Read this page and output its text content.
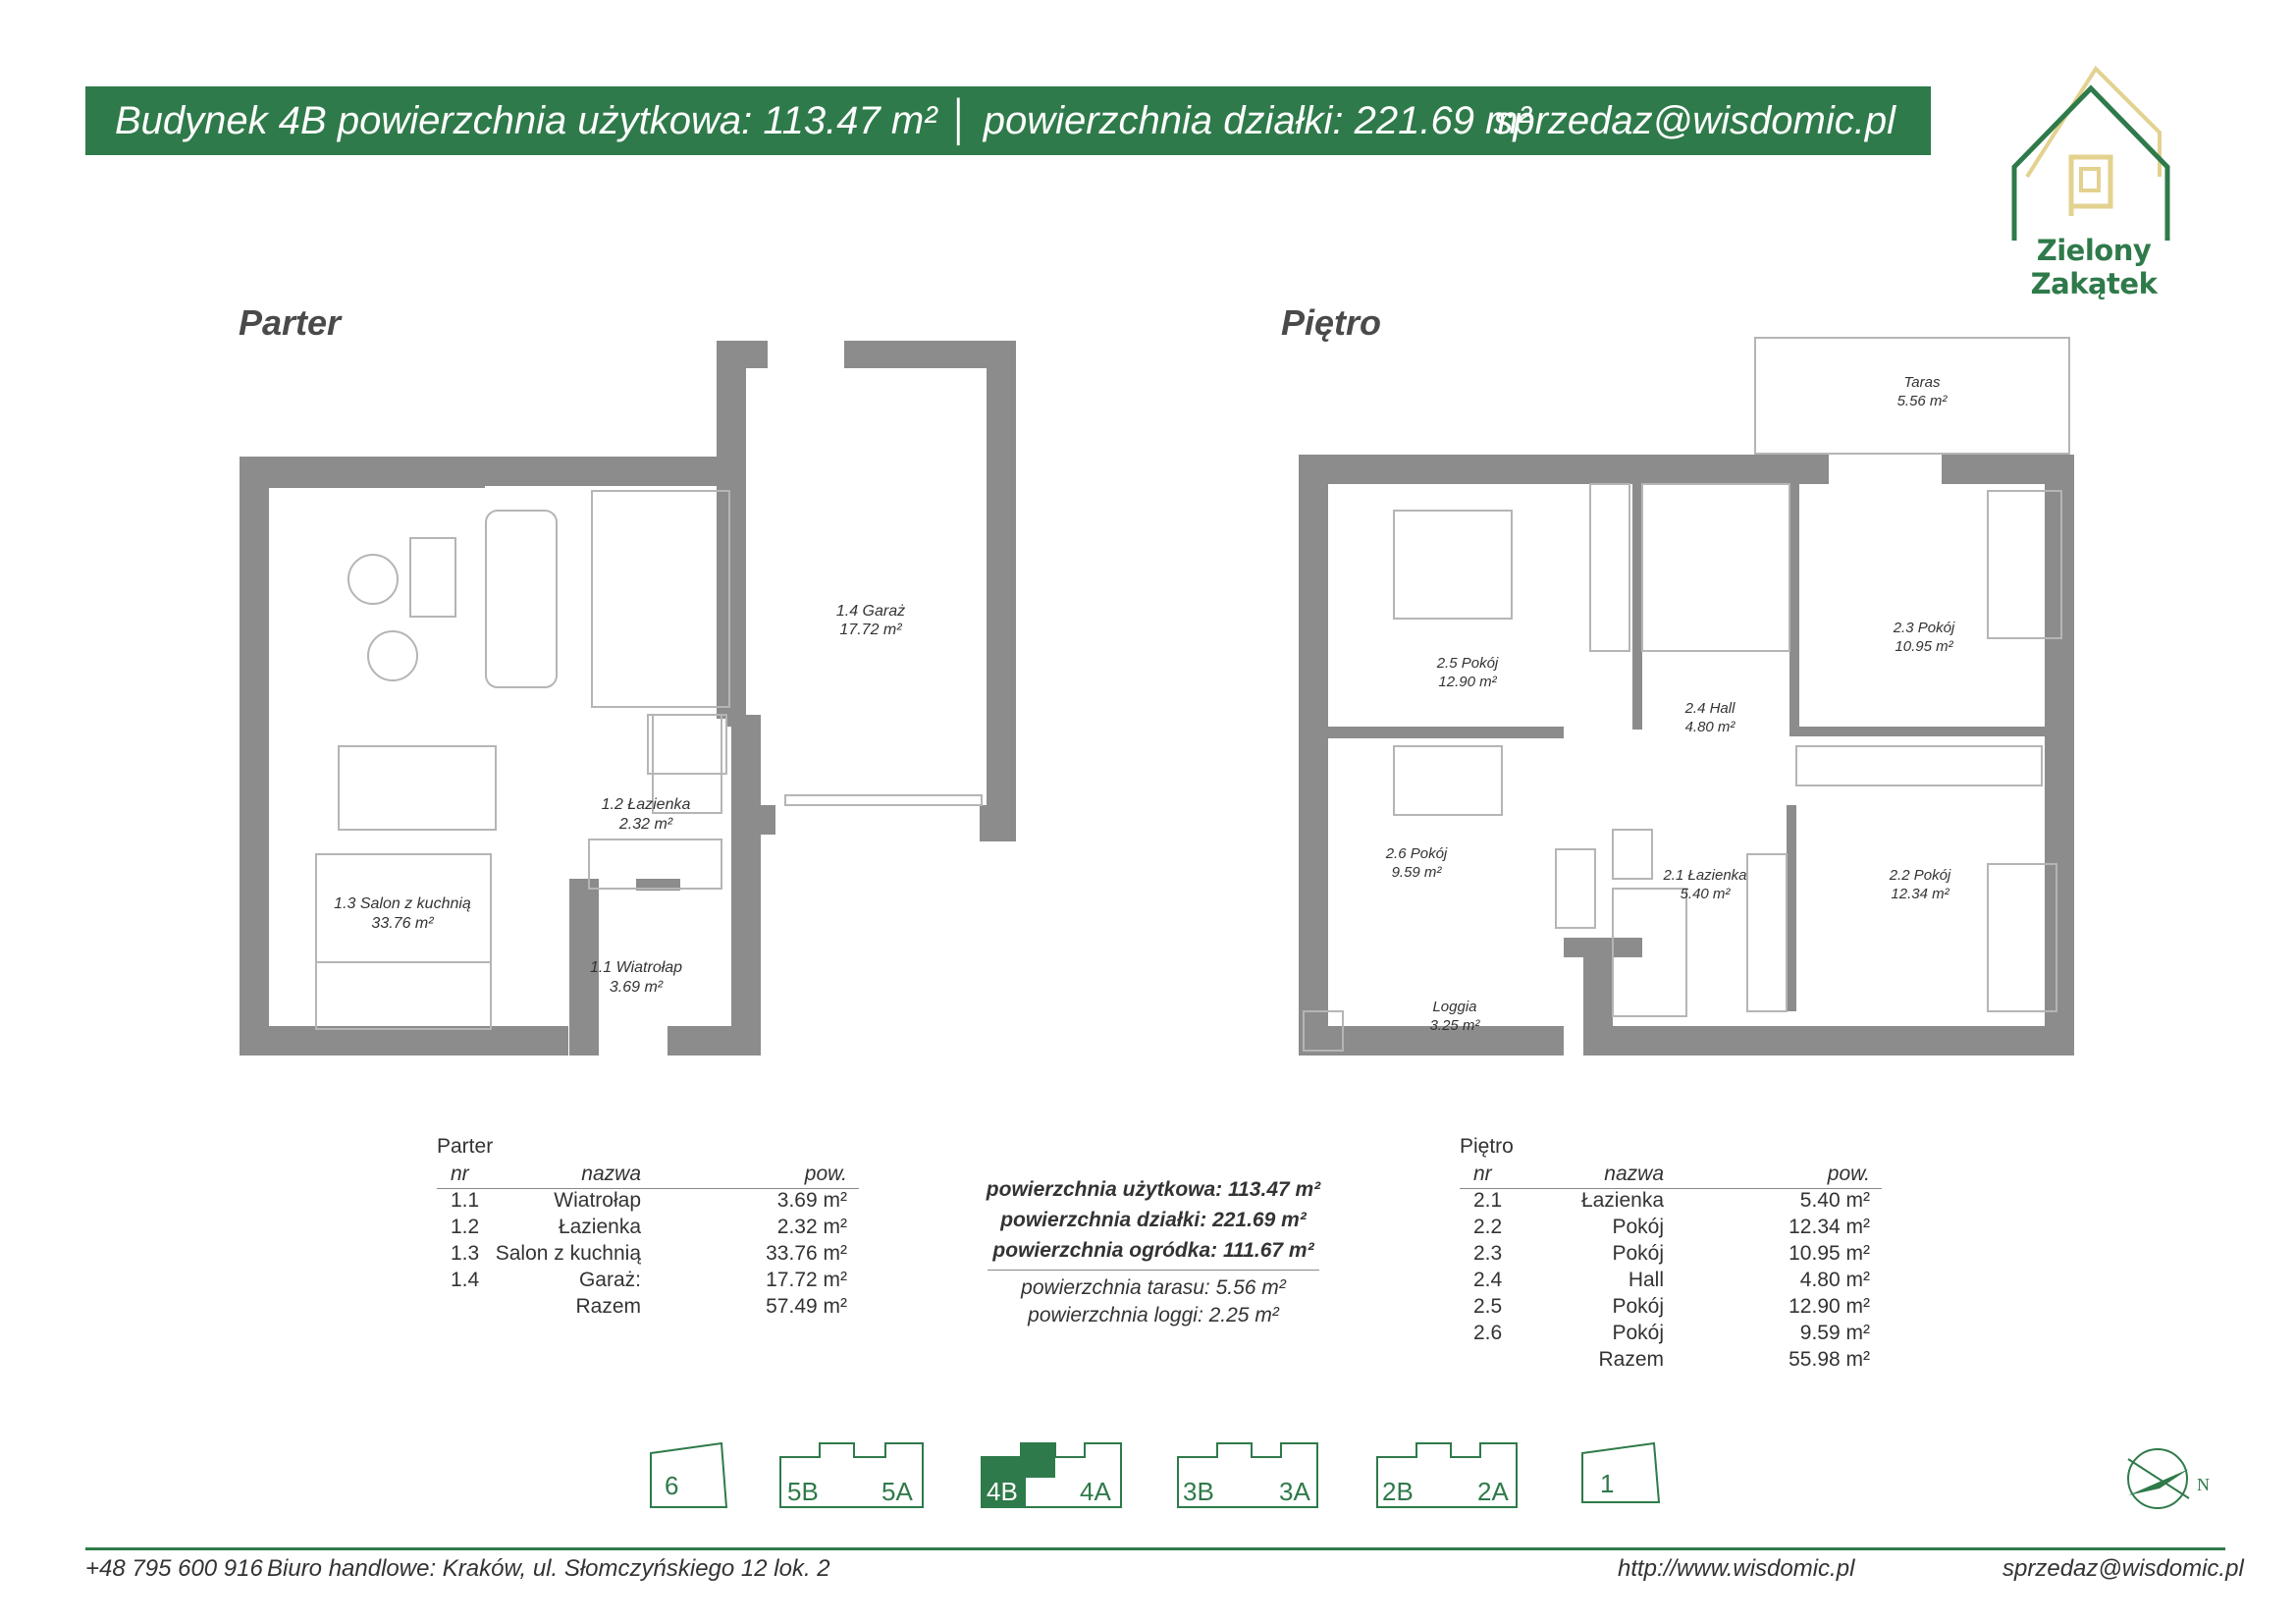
Budynek 4B powierzchnia użytkowa: 113.47 m² │ powierzchnia działki: 221.69 m²
sprzedaz@wisdomic.pl
Zielony Zakątek
Parter	Piętro
1.4 Garaż
17.72 m²
1.2 Łazienka
2.32 m²
1.3 Salon z kuchnią
33.76 m²
1.1 Wiatrołap
3.69 m²
Taras
5.56 m²
2.3 Pokój
10.95 m²
2.5 Pokój
12.90 m²
2.4 Hall
4.80 m²
2.6 Pokój
9.59 m²	2.1 Łazienka
5.40 m²
2.2 Pokój
12.34 m²
Loggia
3.25 m²
Parter
nr	nazwa	pow.
1.1	Wiatrołap	3.69 m²
1.2	Łazienka	2.32 m²
1.3 Salon z kuchnią	33.76 m²
1.4	Garaż:	17.72 m²
Razem	57.49 m²
powierzchnia użytkowa: 113.47 m²
powierzchnia działki: 221.69 m²
powierzchnia ogródka: 111.67 m²
powierzchnia tarasu: 5.56 m²
powierzchnia loggi: 2.25 m²
Piętro
nr	nazwa	pow.
2.1	Łazienka	5.40 m²
2.2	Pokój	12.34 m²
2.3	Pokój	10.95 m²
2.4	Hall	4.80 m²
2.5	Pokój	12.90 m²
2.6	Pokój	9.59 m²
Razem	55.98 m²
6	5B 5A	4B 4A	3B	3A	2B	2A	1	N
+48 795 600 916 Biuro handlowe: Kraków, ul. Słomczyńskiego 12 lok. 2	http://www.wisdomic.pl	sprzedaz@wisdomic.pl
